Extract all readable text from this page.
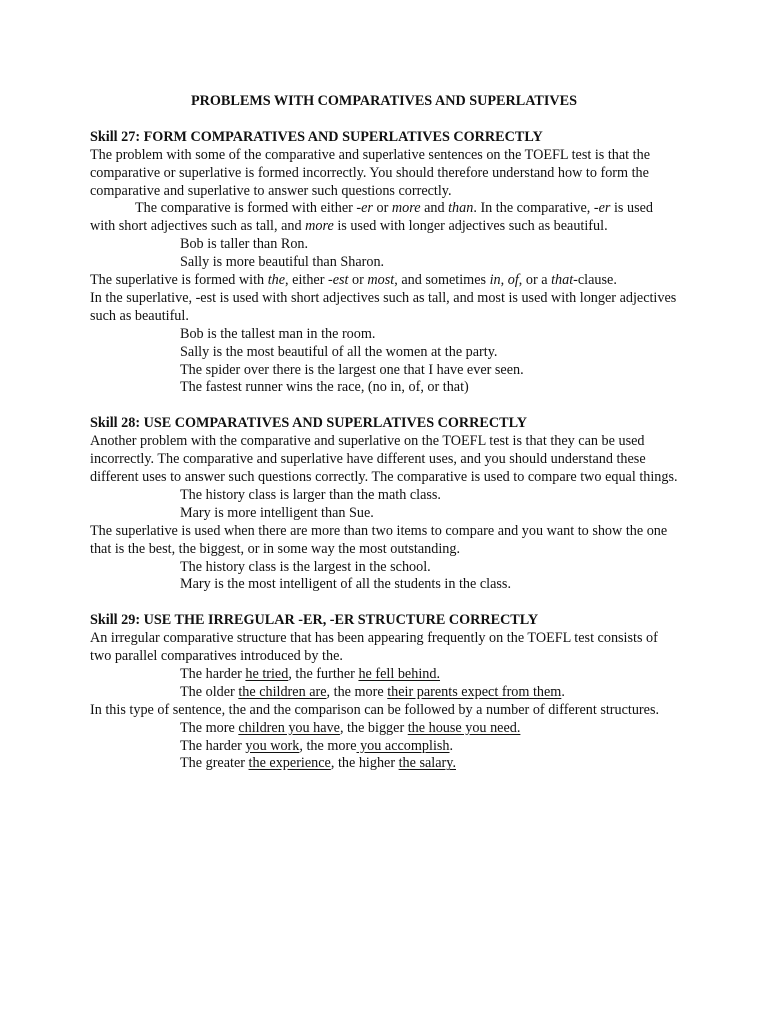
PROBLEMS WITH COMPARATIVES AND SUPERLATIVES

Skill 27: FORM COMPARATIVES AND SUPERLATIVES CORRECTLY

The problem with some of the comparative and superlative sentences on the TOEFL test is that the comparative or superlative is formed incorrectly. You should therefore understand how to form the comparative and superlative to answer such questions correctly.

The comparative is formed with either -er or more and than. In the comparative, -er is used with short adjectives such as tall, and more is used with longer adjectives such as beautiful.

Bob is taller than Ron.

Sally is more beautiful than Sharon.

The superlative is formed with the, either -est or most, and sometimes in, of, or a that-clause.

In the superlative, -est is used with short adjectives such as tall, and most is used with longer adjectives such as beautiful.

Bob is the tallest man in the room.

Sally is the most beautiful of all the women at the party.

The spider over there is the largest one that I have ever seen.

The fastest runner wins the race, (no in, of, or that)

Skill 28: USE COMPARATIVES AND SUPERLATIVES CORRECTLY

Another problem with the comparative and superlative on the TOEFL test is that they can be used incorrectly. The comparative and superlative have different uses, and you should understand these different uses to answer such questions correctly. The comparative is used to compare two equal things.

The history class is larger than the math class.

Mary is more intelligent than Sue.

The superlative is used when there are more than two items to compare and you want to show the one that is the best, the biggest, or in some way the most outstanding.

The history class is the largest in the school.

Mary is the most intelligent of all the students in the class.

Skill 29: USE THE IRREGULAR -ER, -ER STRUCTURE CORRECTLY

An irregular comparative structure that has been appearing frequently on the TOEFL test consists of two parallel comparatives introduced by the.

The harder he tried, the further he fell behind.

The older the children are, the more their parents expect from them.

In this type of sentence, the and the comparison can be followed by a number of different structures.

The more children you have, the bigger the house you need.

The harder you work, the more you accomplish.

The greater the experience, the higher the salary.
